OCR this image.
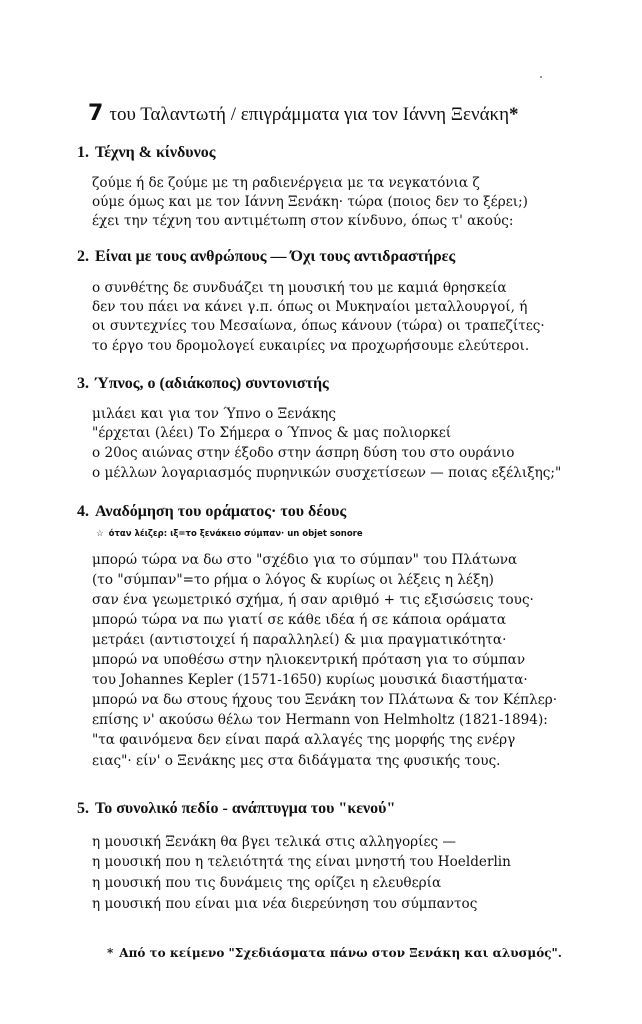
7 του Ταλαντωτή / επιγράμματα για τον Ιάννη Ξενάκη*
1. Τέχνη & κίνδυνος
ζούμε ή δε ζούμε με τη ραδιενέργεια με τα νεγκατόνια ζ
ούμε όμως και με τον Ιάννη Ξενάκη· τώρα (ποιος δεν το ξέρει;)
έχει την τέχνη του αντιμέτωπη στον κίνδυνο, όπως τ' ακούς:
2. Είναι με τους ανθρώπους — Όχι τους αντιδραστήρες
ο συνθέτης δε συνδυάζει τη μουσική του με καμιά θρησκεία
δεν του πάει να κάνει γ.π. όπως οι Μυκηναίοι μεταλλουργοί, ή
οι συντεχνίες του Μεσαίωνα, όπως κάνουν (τώρα) οι τραπεζίτες·
το έργο του δρομολογεί ευκαιρίες να προχωρήσουμε ελεύτεροι.
3. Ύπνος, ο (αδιάκοπος) συντονιστής
μιλάει και για τον Ύπνο ο Ξενάκης
"έρχεται (λέει) Το Σήμερα ο Ύπνος & μας πολιορκεί
ο 20ος αιώνας στην έξοδο στην άσπρη δύση του στο ουράνιο
ο μέλλων λογαριασμός πυρηνικών συσχετίσεων — ποιας εξέλιξης;"
4. Αναδόμηση του οράματος· του δέους
☆ όταν λέιζερ: ιξ=το ξενάκειο σύμπαν· un objet sonore
μπορώ τώρα να δω στο "σχέδιο για το σύμπαν" του Πλάτωνα
(το "σύμπαν"=το ρήμα ο λόγος & κυρίως οι λέξεις η λέξη)
σαν ένα γεωμετρικό σχήμα, ή σαν αριθμό + τις εξισώσεις τους·
μπορώ τώρα να πω γιατί σε κάθε ιδέα ή σε κάποια οράματα
μετράει (αντιστοιχεί ή παραλληλεί) & μια πραγματικότητα·
μπορώ να υποθέσω στην ηλιοκεντρική πρόταση για το σύμπαν
του Johannes Kepler (1571-1650) κυρίως μουσικά διαστήματα·
μπορώ να δω στους ήχους του Ξενάκη τον Πλάτωνα & τον Κέπλερ·
επίσης ν' ακούσω θέλω τον Hermann von Helmholtz (1821-1894):
"τα φαινόμενα δεν είναι παρά αλλαγές της μορφής της ενέργ
ειας"· είν' ο Ξενάκης μες στα διδάγματα της φυσικής τους.
5. Το συνολικό πεδίο - ανάπτυγμα του "κενού"
η μουσική Ξενάκη θα βγει τελικά στις αλληγορίες —
η μουσική που η τελειότητά της είναι μνηστή του Hoelderlin
η μουσική που τις δυνάμεις της ορίζει η ελευθερία
η μουσική που είναι μια νέα διερεύνηση του σύμπαντος
* Από το κείμενο "Σχεδιάσματα πάνω στον Ξενάκη και αλυσμός".
